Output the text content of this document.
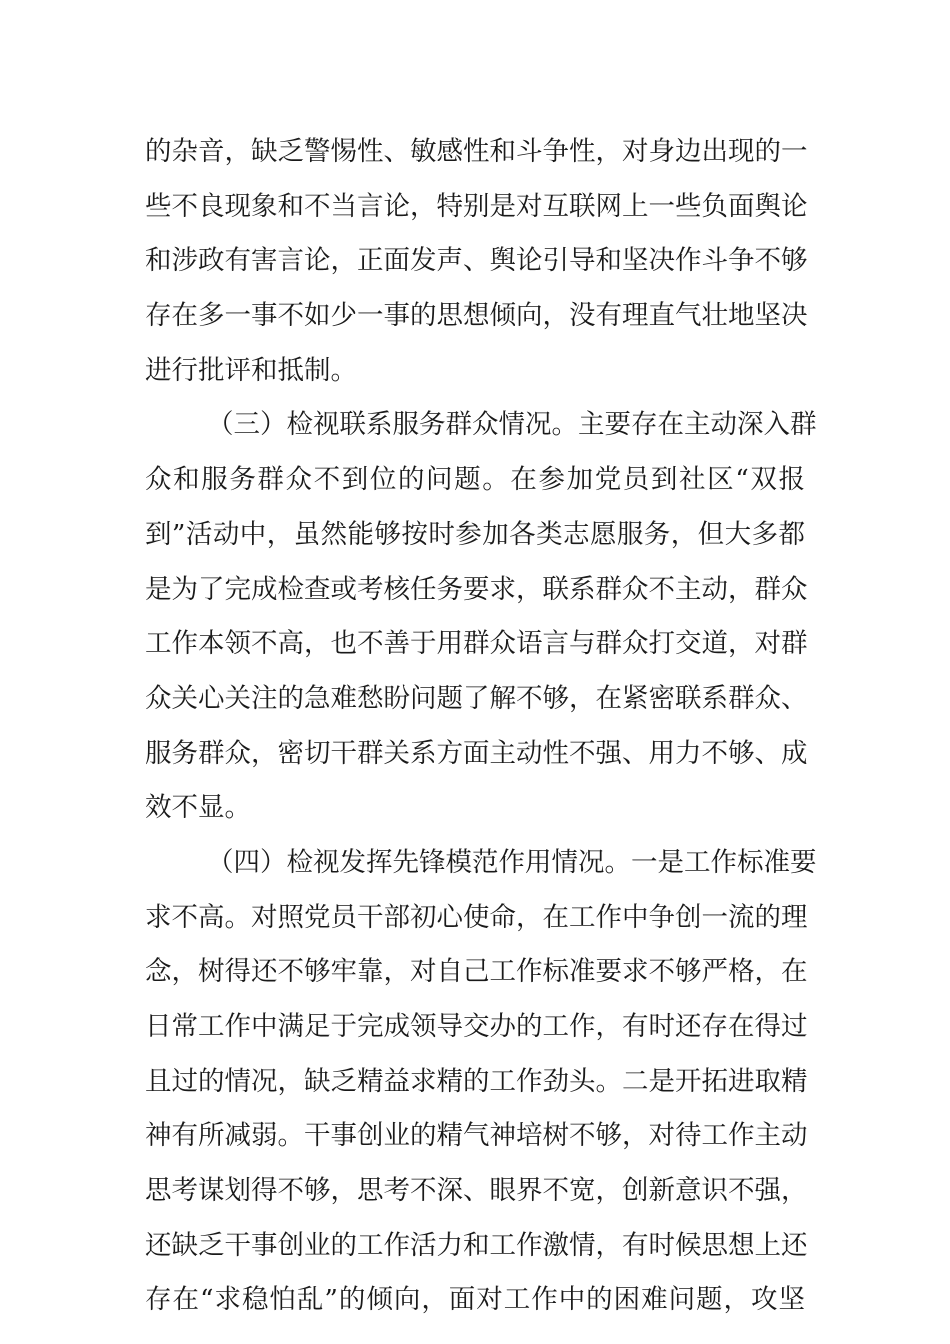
的杂音，缺乏警惕性、敏感性和斗争性，对身边出现的一
些不良现象和不当言论，特别是对互联网上一些负面舆论
和涉政有害言论，正面发声、舆论引导和坚决作斗争不够
存在多一事不如少一事的思想倾向，没有理直气壮地坚决
进行批评和抵制。
（三）检视联系服务群众情况。主要存在主动深入群
众和服务群众不到位的问题。在参加党员到社区“双报
到”活动中，虽然能够按时参加各类志愿服务，但大多都
是为了完成检查或考核任务要求，联系群众不主动，群众
工作本领不高，也不善于用群众语言与群众打交道，对群
众关心关注的急难愁盼问题了解不够，在紧密联系群众、
服务群众，密切干群关系方面主动性不强、用力不够、成
效不显。
（四）检视发挥先锋模范作用情况。一是工作标准要
求不高。对照党员干部初心使命，在工作中争创一流的理
念，树得还不够牢靠，对自己工作标准要求不够严格，在
日常工作中满足于完成领导交办的工作，有时还存在得过
且过的情况，缺乏精益求精的工作劲头。二是开拓进取精
神有所减弱。干事创业的精气神培树不够，对待工作主动
思考谋划得不够，思考不深、眼界不宽，创新意识不强，
还缺乏干事创业的工作活力和工作激情，有时候思想上还
存在“求稳怕乱”的倾向，面对工作中的困难问题，攻坚
